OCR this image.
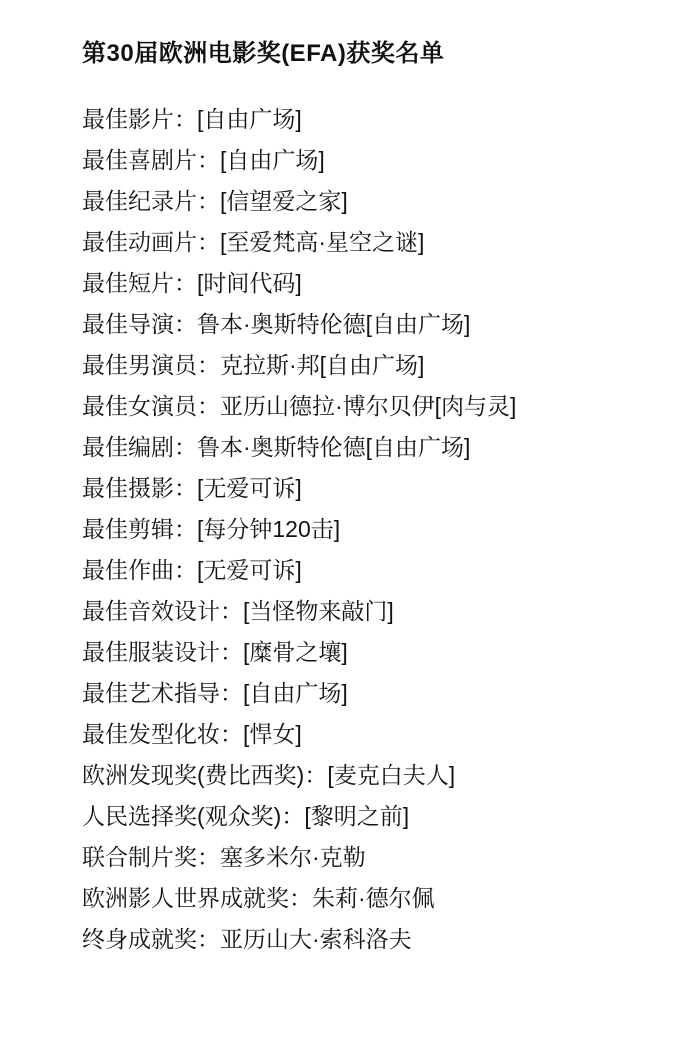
第30届欧洲电影奖(EFA)获奖名单
最佳影片：[自由广场]
最佳喜剧片：[自由广场]
最佳纪录片：[信望爱之家]
最佳动画片：[至爱梵高·星空之谜]
最佳短片：[时间代码]
最佳导演：鲁本·奥斯特伦德[自由广场]
最佳男演员：克拉斯·邦[自由广场]
最佳女演员：亚历山德拉·博尔贝伊[肉与灵]
最佳编剧：鲁本·奥斯特伦德[自由广场]
最佳摄影：[无爱可诉]
最佳剪辑：[每分钟120击]
最佳作曲：[无爱可诉]
最佳音效设计：[当怪物来敲门]
最佳服装设计：[糜骨之壤]
最佳艺术指导：[自由广场]
最佳发型化妆：[悍女]
欧洲发现奖(费比西奖)：[麦克白夫人]
人民选择奖(观众奖)：[黎明之前]
联合制片奖：塞多米尔·克勒
欧洲影人世界成就奖：朱莉·德尔佩
终身成就奖：亚历山大·索科洛夫
